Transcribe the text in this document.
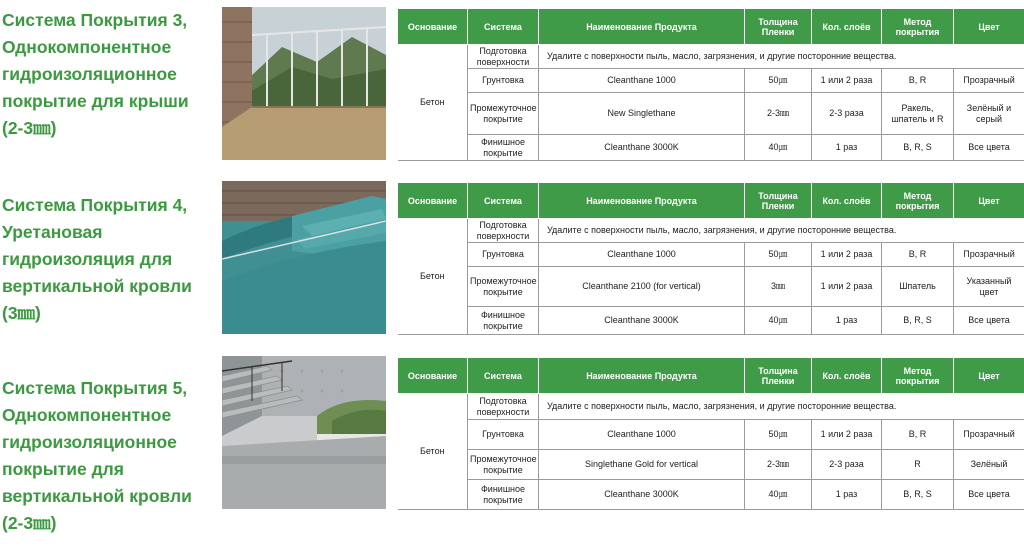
Система Покрытия 3,
Однокомпонентное
гидроизоляционное
покрытие для крыши
(2-3㎜)
Основание	Система	Наименование Продукта	Толщина Пленки	Кол. слоёв	Метод покрытия	Цвет
Бетон	Подготовка поверхности	Удалите с поверхности пыль, масло, загрязнения, и другие посторонние вещества.				
	Грунтовка	Cleanthane 1000	50㎛	1 или 2 раза	B, R	Прозрачный
	Промежуточное покрытие	New Singlethane	2-3㎜	2-3 раза	Ракель, шпатель и R	Зелёный и серый
	Финишное покрытие	Cleanthane 3000K	40㎛	1 раз	B, R, S	Все цвета
Система Покрытия 4,
Уретановая
гидроизоляция для
вертикальной кровли
(3㎜)
Основание	Система	Наименование Продукта	Толщина Пленки	Кол. слоёв	Метод покрытия	Цвет
Бетон	Подготовка поверхности	Удалите с поверхности пыль, масло, загрязнения, и другие посторонние вещества.				
	Грунтовка	Cleanthane 1000	50㎛	1 или 2 раза	B, R	Прозрачный
	Промежуточное покрытие	Cleanthane 2100 (for vertical)	3㎜	1 или 2 раза	Шпатель	Указанный цвет
	Финишное покрытие	Cleanthane 3000K	40㎛	1 раз	B, R, S	Все цвета
Система Покрытия 5,
Однокомпонентное
гидроизоляционное
покрытие для
вертикальной кровли
(2-3㎜)
Основание	Система	Наименование Продукта	Толщина Пленки	Кол. слоёв	Метод покрытия	Цвет
Бетон	Подготовка поверхности	Удалите с поверхности пыль, масло, загрязнения, и другие посторонние вещества.				
	Грунтовка	Cleanthane 1000	50㎛	1 или 2 раза	B, R	Прозрачный
	Промежуточное покрытие	Singlethane Gold for vertical	2-3㎜	2-3 раза	R	Зелёный
	Финишное покрытие	Cleanthane 3000K	40㎛	1 раз	B, R, S	Все цвета
